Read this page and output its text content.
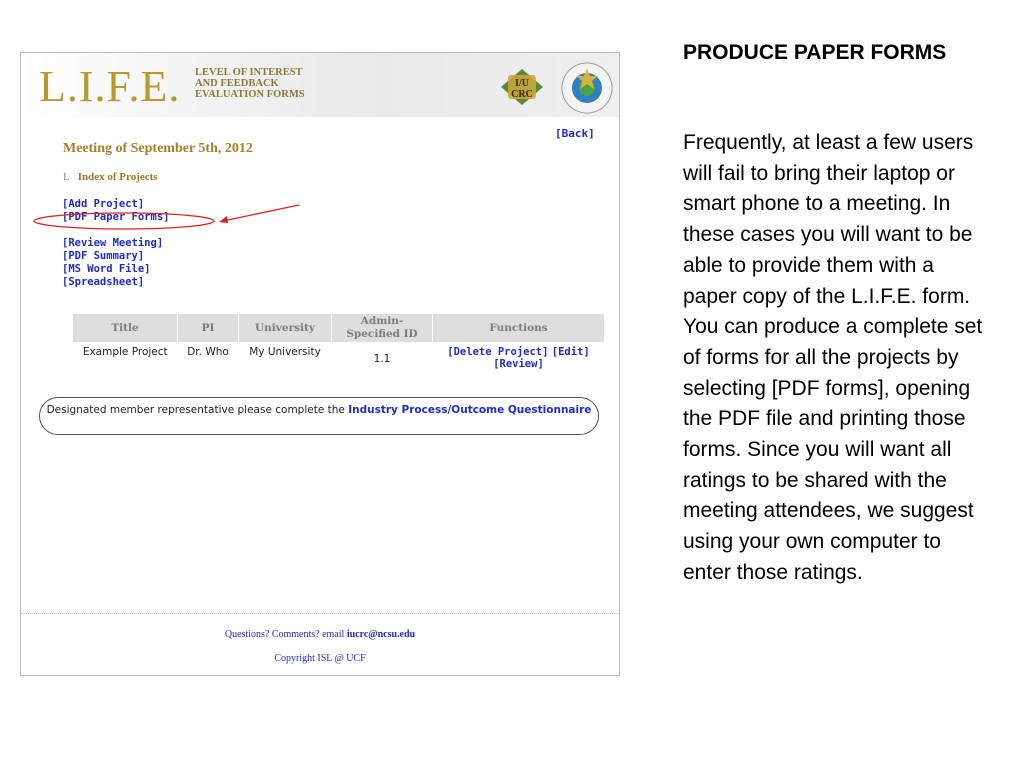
L.I.F.E. LEVEL OF INTEREST
AND FEEDBACK
EVALUATION FORMS
I/U
CRC
[Back]
Meeting of September 5th, 2012
L Index of Projects
[Add Project]
[PDF Paper Forms]
[Review Meeting]
[PDF Summary]
[MS Word File]
[Spreadsheet]
Title	PI	University	Admin-Specified ID	Functions
Example Project	Dr. Who	My University	1.1	[Delete Project] [Edit]
[Review]
Designated member representative please complete the Industry Process/Outcome Questionnaire
Questions? Comments? email iucrc@ncsu.edu
Copyright ISL @ UCF
PRODUCE PAPER FORMS
Frequently, at least a few users will fail to bring their laptop or smart phone to a meeting. In these cases you will want to be able to provide them with a paper copy of the L.I.F.E. form. You can produce a complete set of forms for all the projects by selecting [PDF forms], opening the PDF file and printing those forms. Since you will want all ratings to be shared with the meeting attendees, we suggest using your own computer to enter those ratings.
